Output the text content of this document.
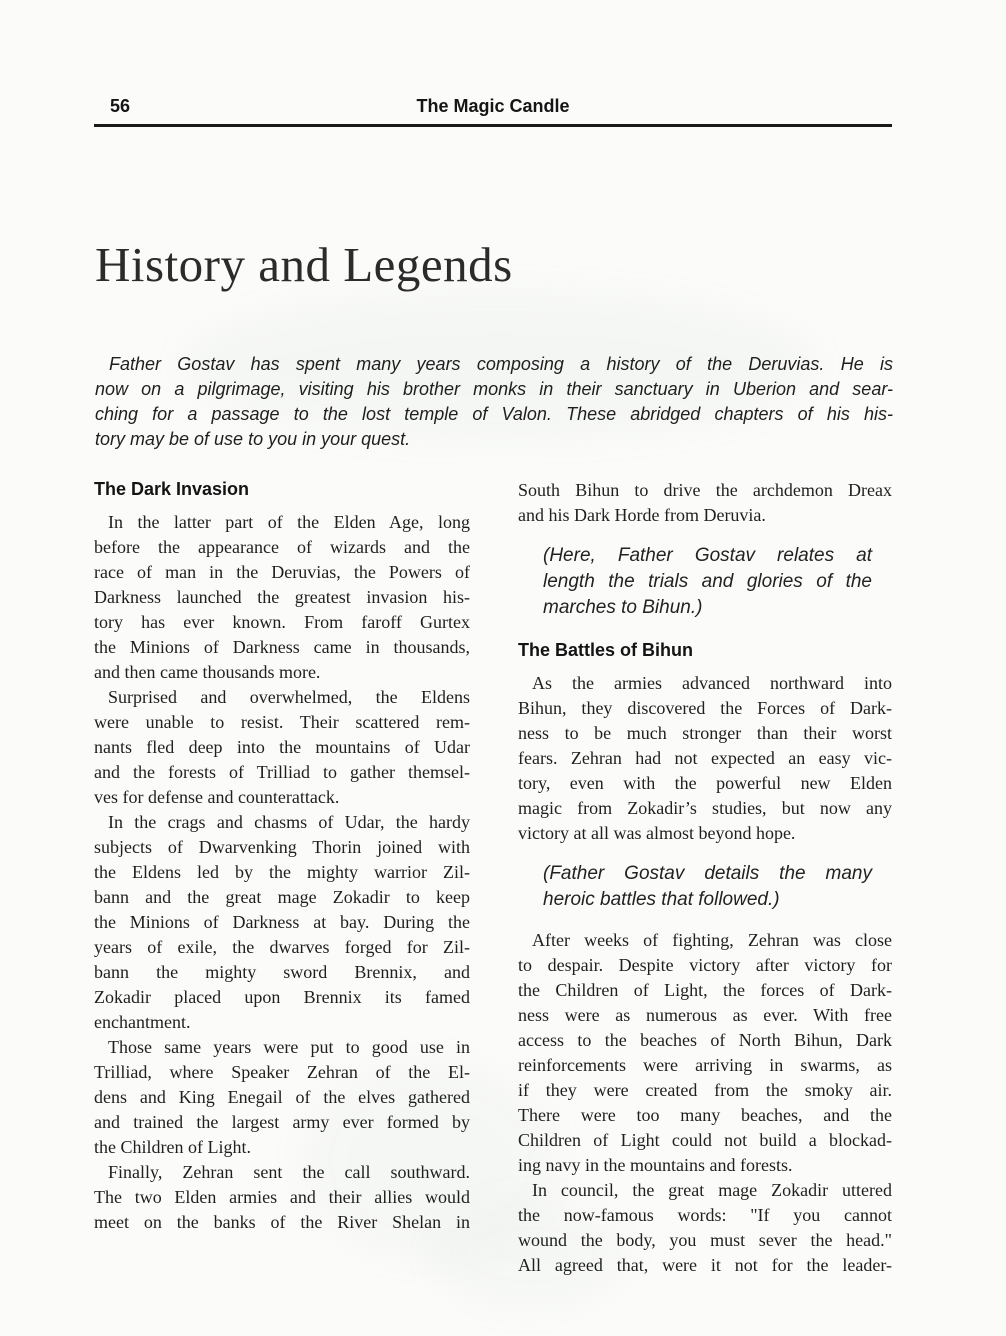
56	The Magic Candle
History and Legends
Father Gostav has spent many years composing a history of the Deruvias. He is
now on a pilgrimage, visiting his brother monks in their sanctuary in Uberion and sear-
ching for a passage to the lost temple of Valon. These abridged chapters of his his-
tory may be of use to you in your quest.
The Dark Invasion
In the latter part of the Elden Age, long
before the appearance of wizards and the
race of man in the Deruvias, the Powers of
Darkness launched the greatest invasion his-
tory has ever known. From faroff Gurtex
the Minions of Darkness came in thousands,
and then came thousands more.
Surprised and overwhelmed, the Eldens
were unable to resist. Their scattered rem-
nants fled deep into the mountains of Udar
and the forests of Trilliad to gather themsel-
ves for defense and counterattack.
In the crags and chasms of Udar, the hardy
subjects of Dwarvenking Thorin joined with
the Eldens led by the mighty warrior Zil-
bann and the great mage Zokadir to keep
the Minions of Darkness at bay. During the
years of exile, the dwarves forged for Zil-
bann the mighty sword Brennix, and
Zokadir placed upon Brennix its famed
enchantment.
Those same years were put to good use in
Trilliad, where Speaker Zehran of the El-
dens and King Enegail of the elves gathered
and trained the largest army ever formed by
the Children of Light.
Finally, Zehran sent the call southward.
The two Elden armies and their allies would
meet on the banks of the River Shelan in
South Bihun to drive the archdemon Dreax
and his Dark Horde from Deruvia.
(Here, Father Gostav relates at
length the trials and glories of the
marches to Bihun.)
The Battles of Bihun
As the armies advanced northward into
Bihun, they discovered the Forces of Dark-
ness to be much stronger than their worst
fears. Zehran had not expected an easy vic-
tory, even with the powerful new Elden
magic from Zokadir’s studies, but now any
victory at all was almost beyond hope.
(Father Gostav details the many
heroic battles that followed.)
After weeks of fighting, Zehran was close
to despair. Despite victory after victory for
the Children of Light, the forces of Dark-
ness were as numerous as ever. With free
access to the beaches of North Bihun, Dark
reinforcements were arriving in swarms, as
if they were created from the smoky air.
There were too many beaches, and the
Children of Light could not build a blockad-
ing navy in the mountains and forests.
In council, the great mage Zokadir uttered
the now-famous words: "If you cannot
wound the body, you must sever the head."
All agreed that, were it not for the leader-
